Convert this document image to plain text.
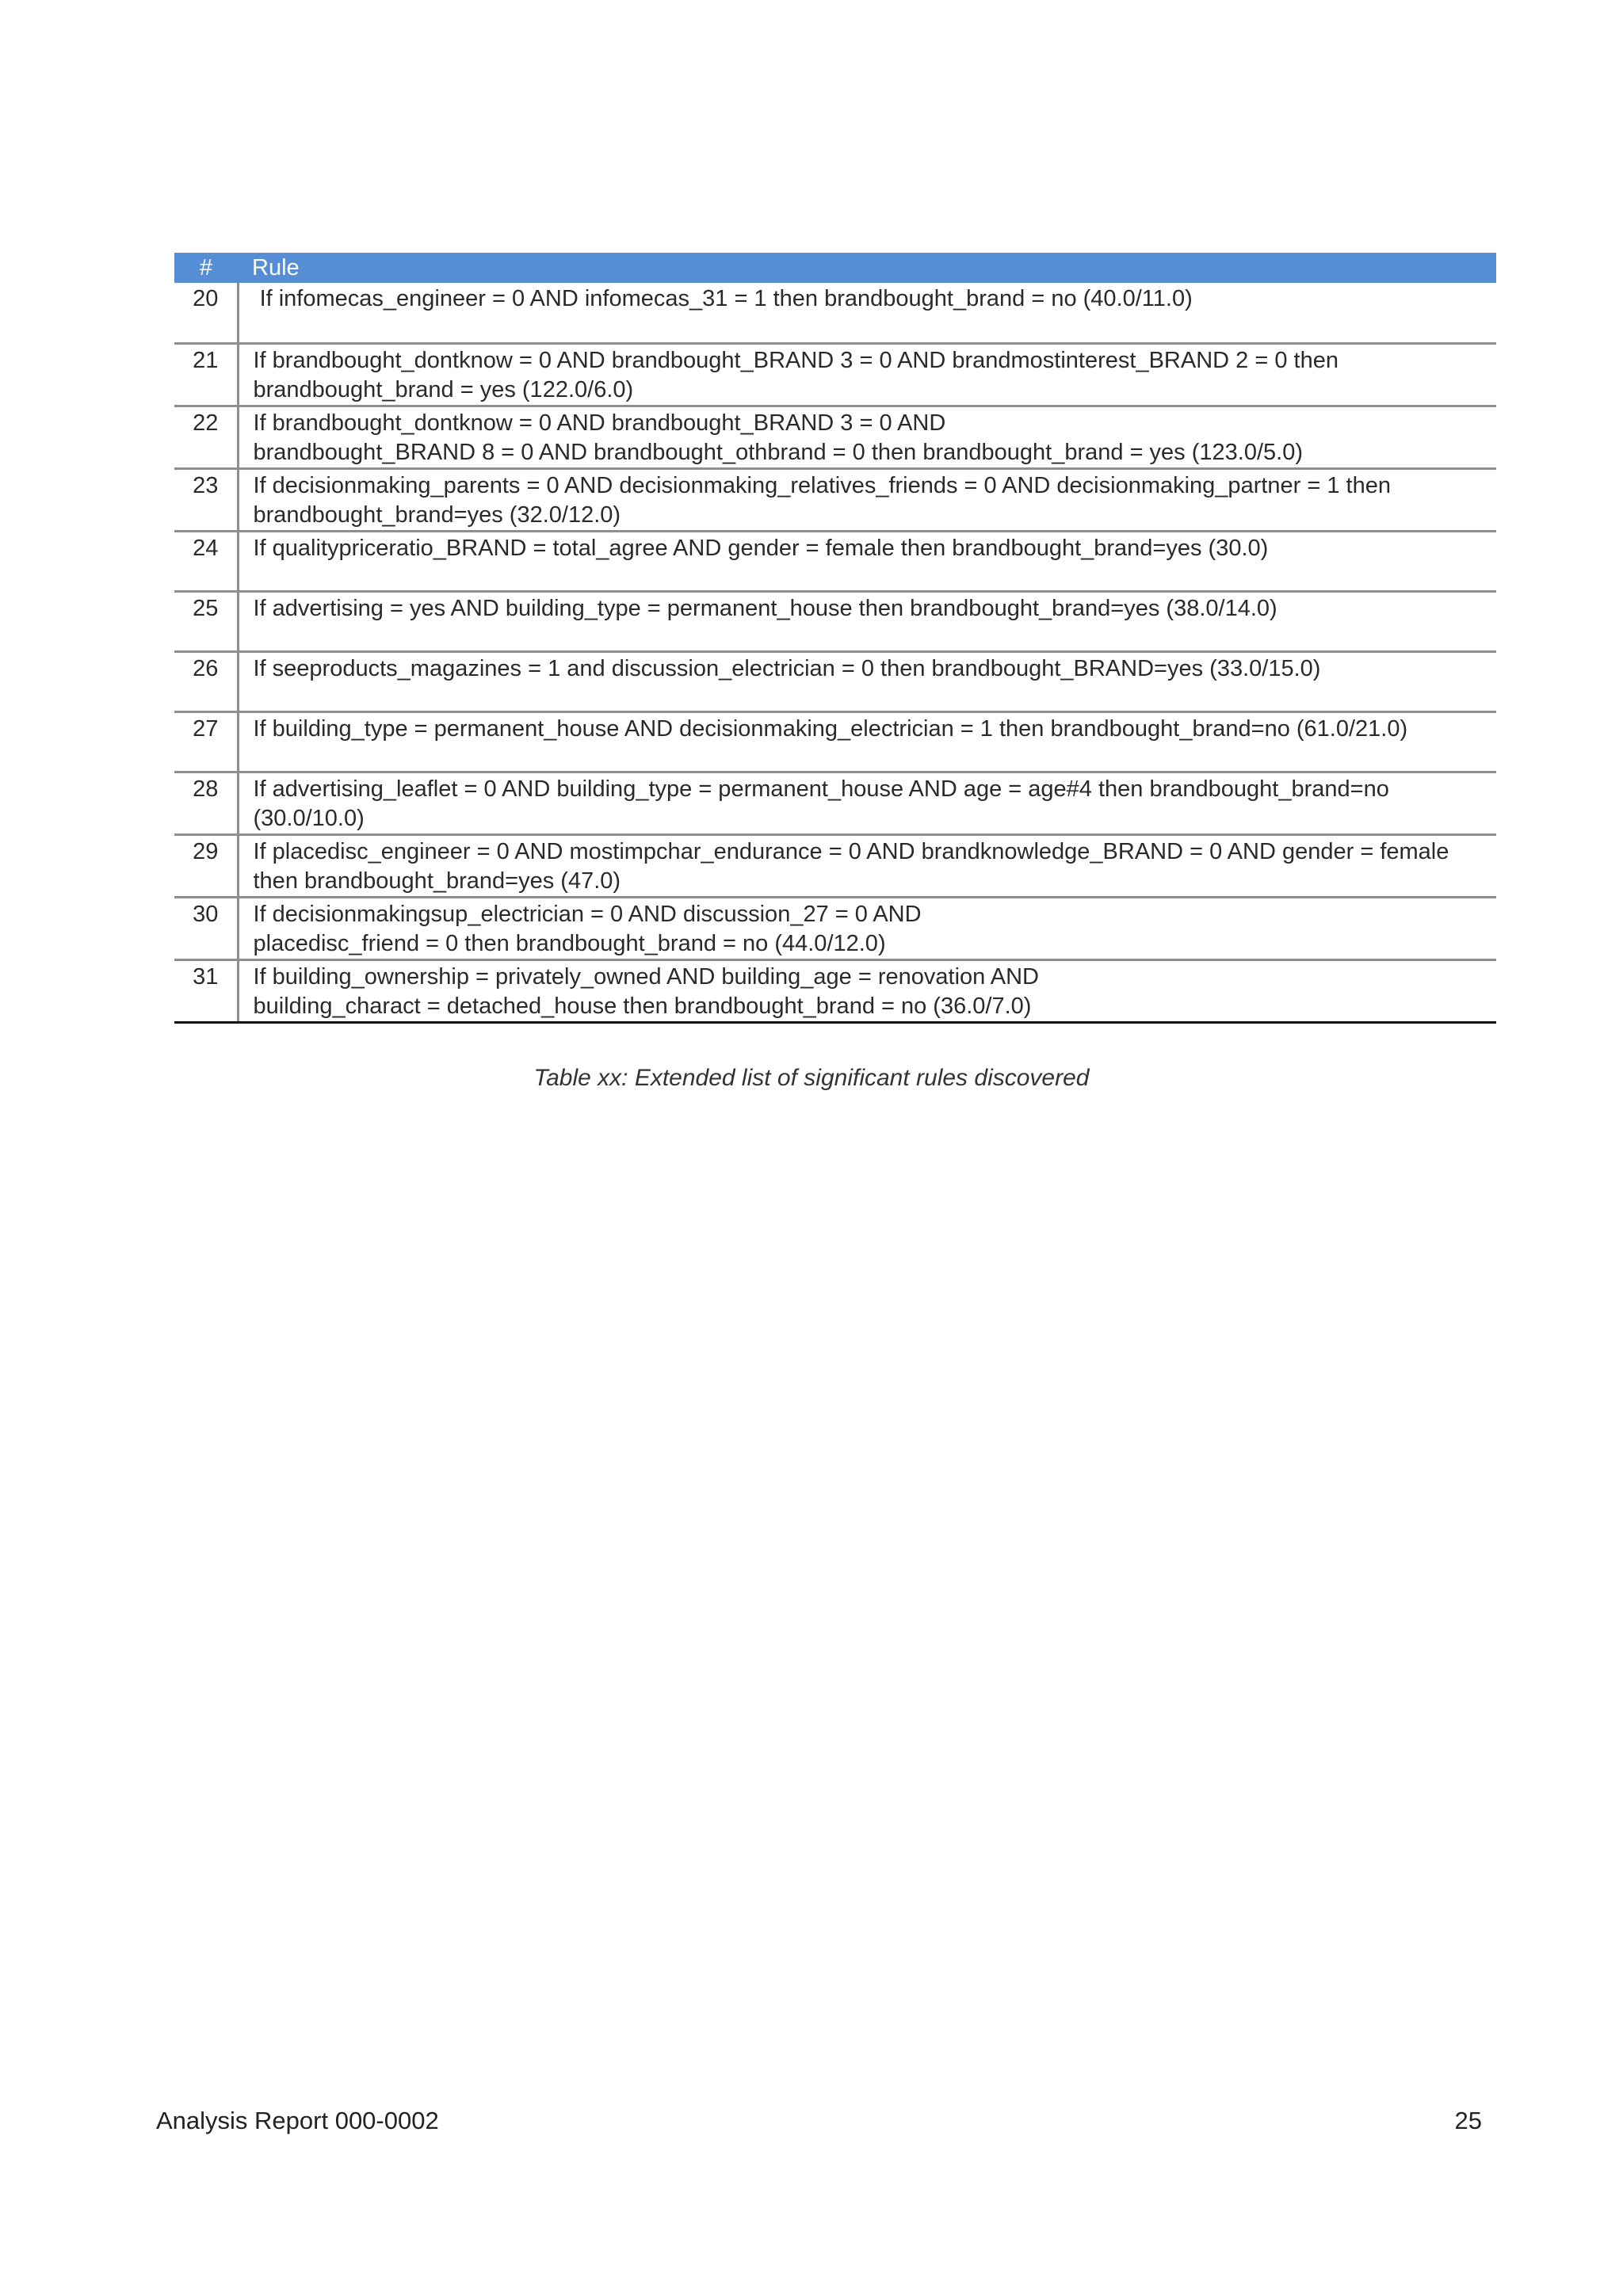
#	Rule
20	If infomecas_engineer = 0 AND infomecas_31 = 1 then brandbought_brand = no (40.0/11.0)
21	If brandbought_dontknow = 0 AND brandbought_BRAND 3 = 0 AND brandmostinterest_BRAND 2 = 0 then brandbought_brand = yes (122.0/6.0)
22	If brandbought_dontknow = 0 AND brandbought_BRAND 3 = 0 AND
brandbought_BRAND 8 = 0 AND brandbought_othbrand = 0 then brandbought_brand = yes (123.0/5.0)
23	If decisionmaking_parents = 0 AND decisionmaking_relatives_friends = 0 AND decisionmaking_partner = 1 then brandbought_brand=yes (32.0/12.0)
24	If qualitypriceratio_BRAND = total_agree AND gender = female then brandbought_brand=yes (30.0)
25	If advertising = yes AND building_type = permanent_house then brandbought_brand=yes (38.0/14.0)
26	If seeproducts_magazines = 1 and discussion_electrician = 0 then brandbought_BRAND=yes (33.0/15.0)
27	If building_type = permanent_house AND decisionmaking_electrician = 1 then brandbought_brand=no (61.0/21.0)
28	If advertising_leaflet = 0 AND building_type = permanent_house AND age = age#4 then brandbought_brand=no (30.0/10.0)
29	If placedisc_engineer = 0 AND mostimpchar_endurance = 0 AND brandknowledge_BRAND = 0 AND gender = female then brandbought_brand=yes (47.0)
30	If decisionmakingsup_electrician = 0 AND discussion_27 = 0 AND
placedisc_friend = 0 then brandbought_brand = no (44.0/12.0)
31	If building_ownership = privately_owned AND building_age = renovation AND
building_charact = detached_house then brandbought_brand = no (36.0/7.0)
Table xx: Extended list of significant rules discovered
Analysis Report 000-0002	25
